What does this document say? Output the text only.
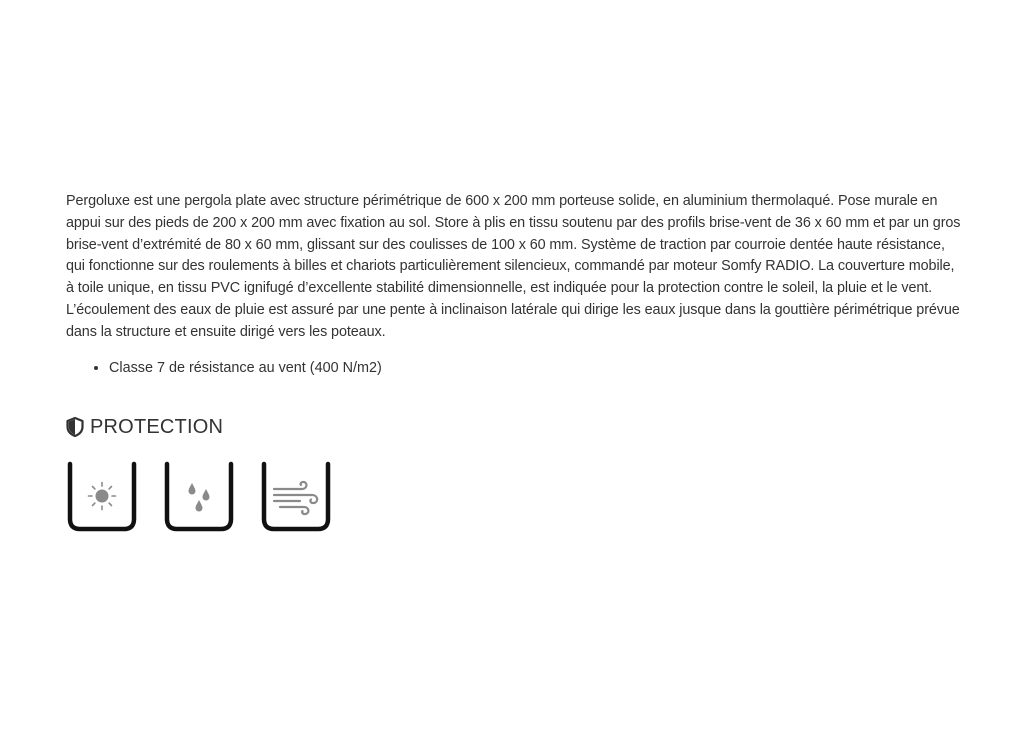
Pergoluxe est une pergola plate avec structure périmétrique de 600 x 200 mm porteuse solide, en aluminium thermolaqué. Pose murale en appui sur des pieds de 200 x 200 mm avec fixation au sol. Store à plis en tissu soutenu par des profils brise-vent de 36 x 60 mm et par un gros brise-vent d’extrémité de 80 x 60 mm, glissant sur des coulisses de 100 x 60 mm. Système de traction par courroie dentée haute résistance, qui fonctionne sur des roulements à billes et chariots particulièrement silencieux, commandé par moteur Somfy RADIO. La couverture mobile, à toile unique, en tissu PVC ignifugé d’excellente stabilité dimensionnelle, est indiquée pour la protection contre le soleil, la pluie et le vent. L’écoulement des eaux de pluie est assuré par une pente à inclinaison latérale qui dirige les eaux jusque dans la gouttière périmétrique prévue dans la structure et ensuite dirigé vers les poteaux.

• Classe 7 de résistance au vent (400 N/m2)
PROTECTION
